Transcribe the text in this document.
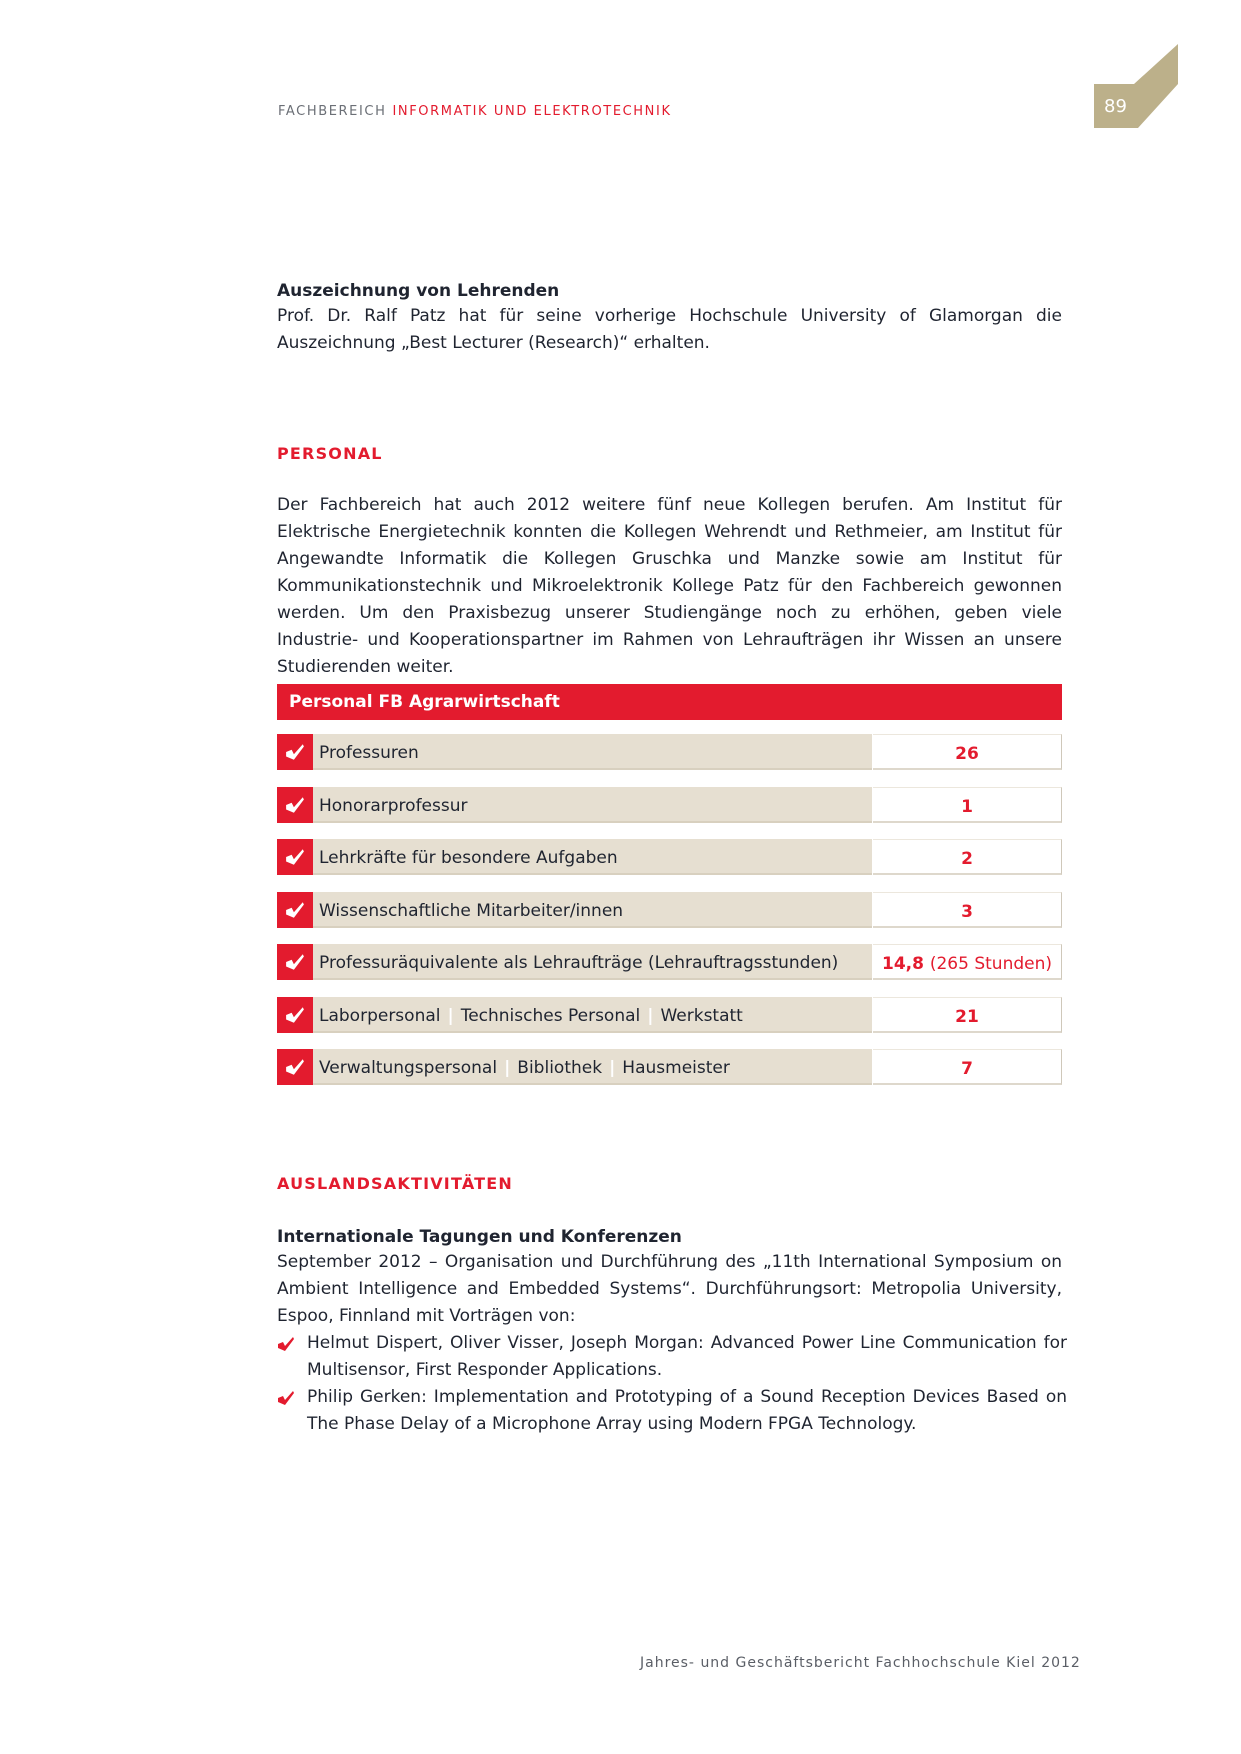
FACHBEREICH INFORMATIK UND ELEKTROTECHNIK	89
Auszeichnung von Lehrenden
Prof. Dr. Ralf Patz hat für seine vorherige Hochschule University of Glamorgan die Auszeichnung „Best Lecturer (Research)“ erhalten.
PERSONAL
Der Fachbereich hat auch 2012 weitere fünf neue Kollegen berufen. Am Institut für Elektrische Energietechnik konnten die Kollegen Wehrendt und Rethmeier, am Institut für Angewandte Informatik die Kollegen Gruschka und Manzke sowie am Institut für Kommunikationstechnik und Mikroelektronik Kollege Patz für den Fachbereich gewonnen werden. Um den Praxisbezug unserer Studiengänge noch zu erhöhen, geben viele Industrie- und Kooperationspartner im Rahmen von Lehraufträgen ihr Wissen an unsere Studierenden weiter.
Personal FB Agrarwirtschaft
Professuren	26
Honorarprofessur	1
Lehrkräfte für besondere Aufgaben	2
Wissenschaftliche Mitarbeiter/innen	3
Professuräquivalente als Lehraufträge (Lehrauftragsstunden)	14,8 (265 Stunden)
Laborpersonal | Technisches Personal | Werkstatt	21
Verwaltungspersonal | Bibliothek | Hausmeister	7
AUSLANDSAKTIVITÄTEN
Internationale Tagungen und Konferenzen
September 2012 – Organisation und Durchführung des „11th International Symposium on Ambient Intelligence and Embedded Systems“. Durchführungsort: Metropolia University, Espoo, Finnland mit Vorträgen von:
Helmut Dispert, Oliver Visser, Joseph Morgan: Advanced Power Line Communication for Multisensor, First Responder Applications.
Philip Gerken: Implementation and Prototyping of a Sound Reception Devices Based on The Phase Delay of a Microphone Array using Modern FPGA Technology.
Jahres- und Geschäftsbericht Fachhochschule Kiel 2012
